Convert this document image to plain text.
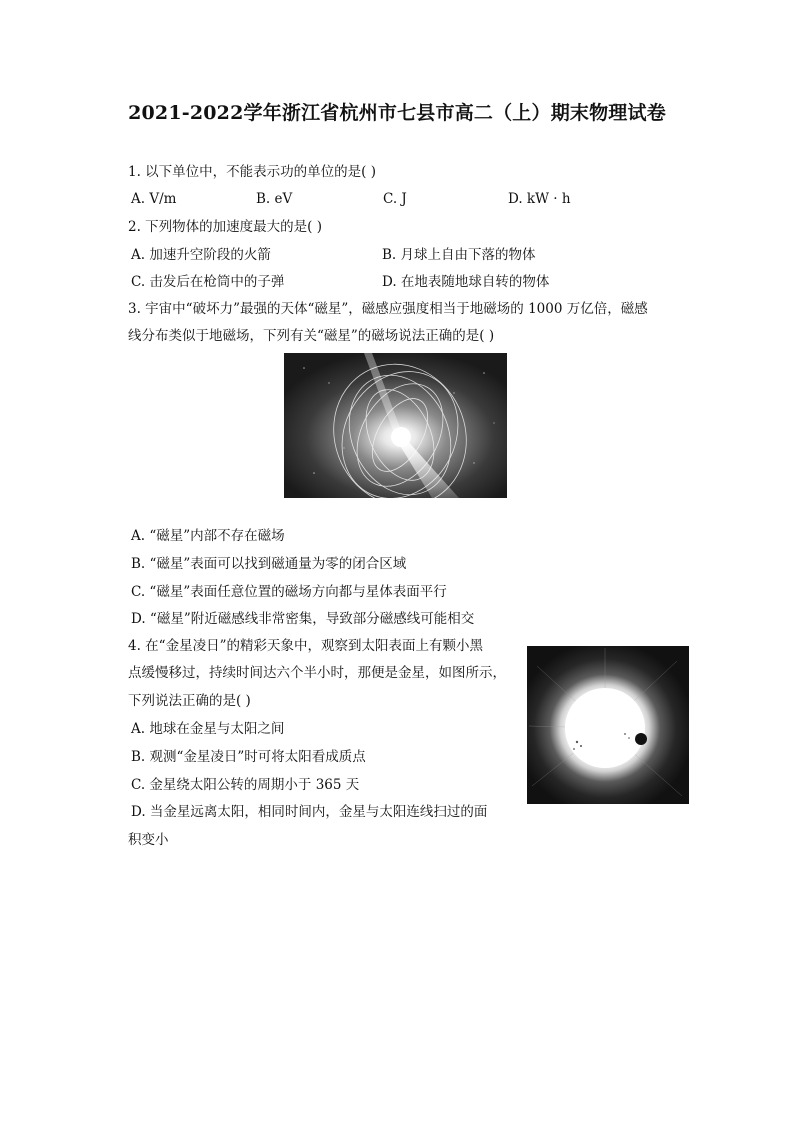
2021-2022学年浙江省杭州市七县市高二（上）期末物理试卷
1. 以下单位中，不能表示功的单位的是( )
A. V/m	B. eV	C. J	D. kW · h
2. 下列物体的加速度最大的是( )
A. 加速升空阶段的火箭	B. 月球上自由下落的物体
C. 击发后在枪筒中的子弹	D. 在地表随地球自转的物体
3. 宇宙中“破坏力”最强的天体“磁星”，磁感应强度相当于地磁场的 1000 万亿倍，磁感
线分布类似于地磁场，下列有关“磁星”的磁场说法正确的是( )
A. “磁星”内部不存在磁场
B. “磁星”表面可以找到磁通量为零的闭合区域
C. “磁星”表面任意位置的磁场方向都与星体表面平行
D. “磁星”附近磁感线非常密集，导致部分磁感线可能相交
4. 在“金星凌日”的精彩天象中，观察到太阳表面上有颗小黑
点缓慢移过，持续时间达六个半小时，那便是金星，如图所示，
下列说法正确的是( )
A. 地球在金星与太阳之间
B. 观测“金星凌日”时可将太阳看成质点
C. 金星绕太阳公转的周期小于 365 天
D. 当金星远离太阳，相同时间内，金星与太阳连线扫过的面
积变小
